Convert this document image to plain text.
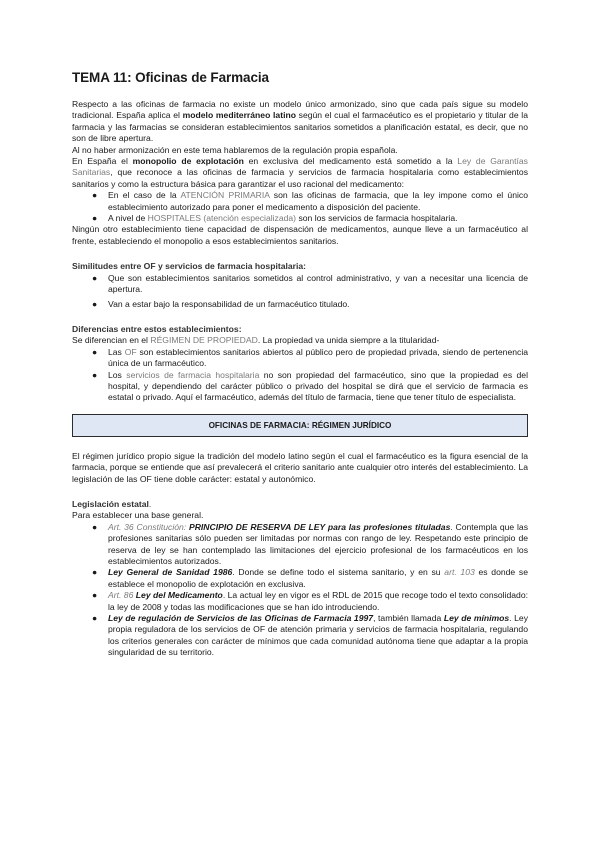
TEMA 11: Oficinas de Farmacia

Respecto a las oficinas de farmacia no existe un modelo único armonizado, sino que cada país sigue su modelo tradicional. España aplica el modelo mediterráneo latino según el cual el farmacéutico es el propietario y titular de la farmacia y las farmacias se consideran establecimientos sanitarios sometidos a planificación estatal, es decir, que no son de libre apertura.

Al no haber armonización en este tema hablaremos de la regulación propia española.

En España el monopolio de explotación en exclusiva del medicamento está sometido a la Ley de Garantías Sanitarias, que reconoce a las oficinas de farmacia y servicios de farmacia hospitalaria como establecimientos sanitarios y como la estructura básica para garantizar el uso racional del medicamento:

● En el caso de la ATENCIÓN PRIMARIA son las oficinas de farmacia, que la ley impone como el único establecimiento autorizado para poner el medicamento a disposición del paciente.
● A nivel de HOSPITALES (atención especializada) son los servicios de farmacia hospitalaria.

Ningún otro establecimiento tiene capacidad de dispensación de medicamentos, aunque lleve a un farmacéutico al frente, estableciendo el monopolio a esos establecimientos sanitarios.

Similitudes entre OF y servicios de farmacia hospitalaria:

● Que son establecimientos sanitarios sometidos al control administrativo, y van a necesitar una licencia de apertura.
● Van a estar bajo la responsabilidad de un farmacéutico titulado.

Diferencias entre estos establecimientos:

Se diferencian en el RÉGIMEN DE PROPIEDAD. La propiedad va unida siempre a la titularidad-

● Las OF son establecimientos sanitarios abiertos al público pero de propiedad privada, siendo de pertenencia única de un farmacéutico.
● Los servicios de farmacia hospitalaria no son propiedad del farmacéutico, sino que la propiedad es del hospital, y dependiendo del carácter público o privado del hospital se dirá que el servicio de farmacia es estatal o privado. Aquí el farmacéutico, además del título de farmacia, tiene que tener título de especialista.
OFICINAS DE FARMACIA: RÉGIMEN JURÍDICO

El régimen jurídico propio sigue la tradición del modelo latino según el cual el farmacéutico es la figura esencial de la farmacia, porque se entiende que así prevalecerá el criterio sanitario ante cualquier otro interés del establecimiento. La legislación de las OF tiene doble carácter: estatal y autonómico.

Legislación estatal.

Para establecer una base general.

● Art. 36 Constitución: PRINCIPIO DE RESERVA DE LEY para las profesiones tituladas. Contempla que las profesiones sanitarias sólo pueden ser limitadas por normas con rango de ley. Respetando este principio de reserva de ley se han contemplado las limitaciones del ejercicio profesional de los farmacéuticos en los establecimientos autorizados.
● Ley General de Sanidad 1986. Donde se define todo el sistema sanitario, y en su art. 103 es donde se establece el monopolio de explotación en exclusiva.
● Art. 86 Ley del Medicamento. La actual ley en vigor es el RDL de 2015 que recoge todo el texto consolidado: la ley de 2008 y todas las modificaciones que se han ido introduciendo.
● Ley de regulación de Servicios de las Oficinas de Farmacia 1997, también llamada Ley de mínimos. Ley propia reguladora de los servicios de OF de atención primaria y servicios de farmacia hospitalaria, regulando los criterios generales con carácter de mínimos que cada comunidad autónoma tiene que adaptar a la propia singularidad de su territorio.
